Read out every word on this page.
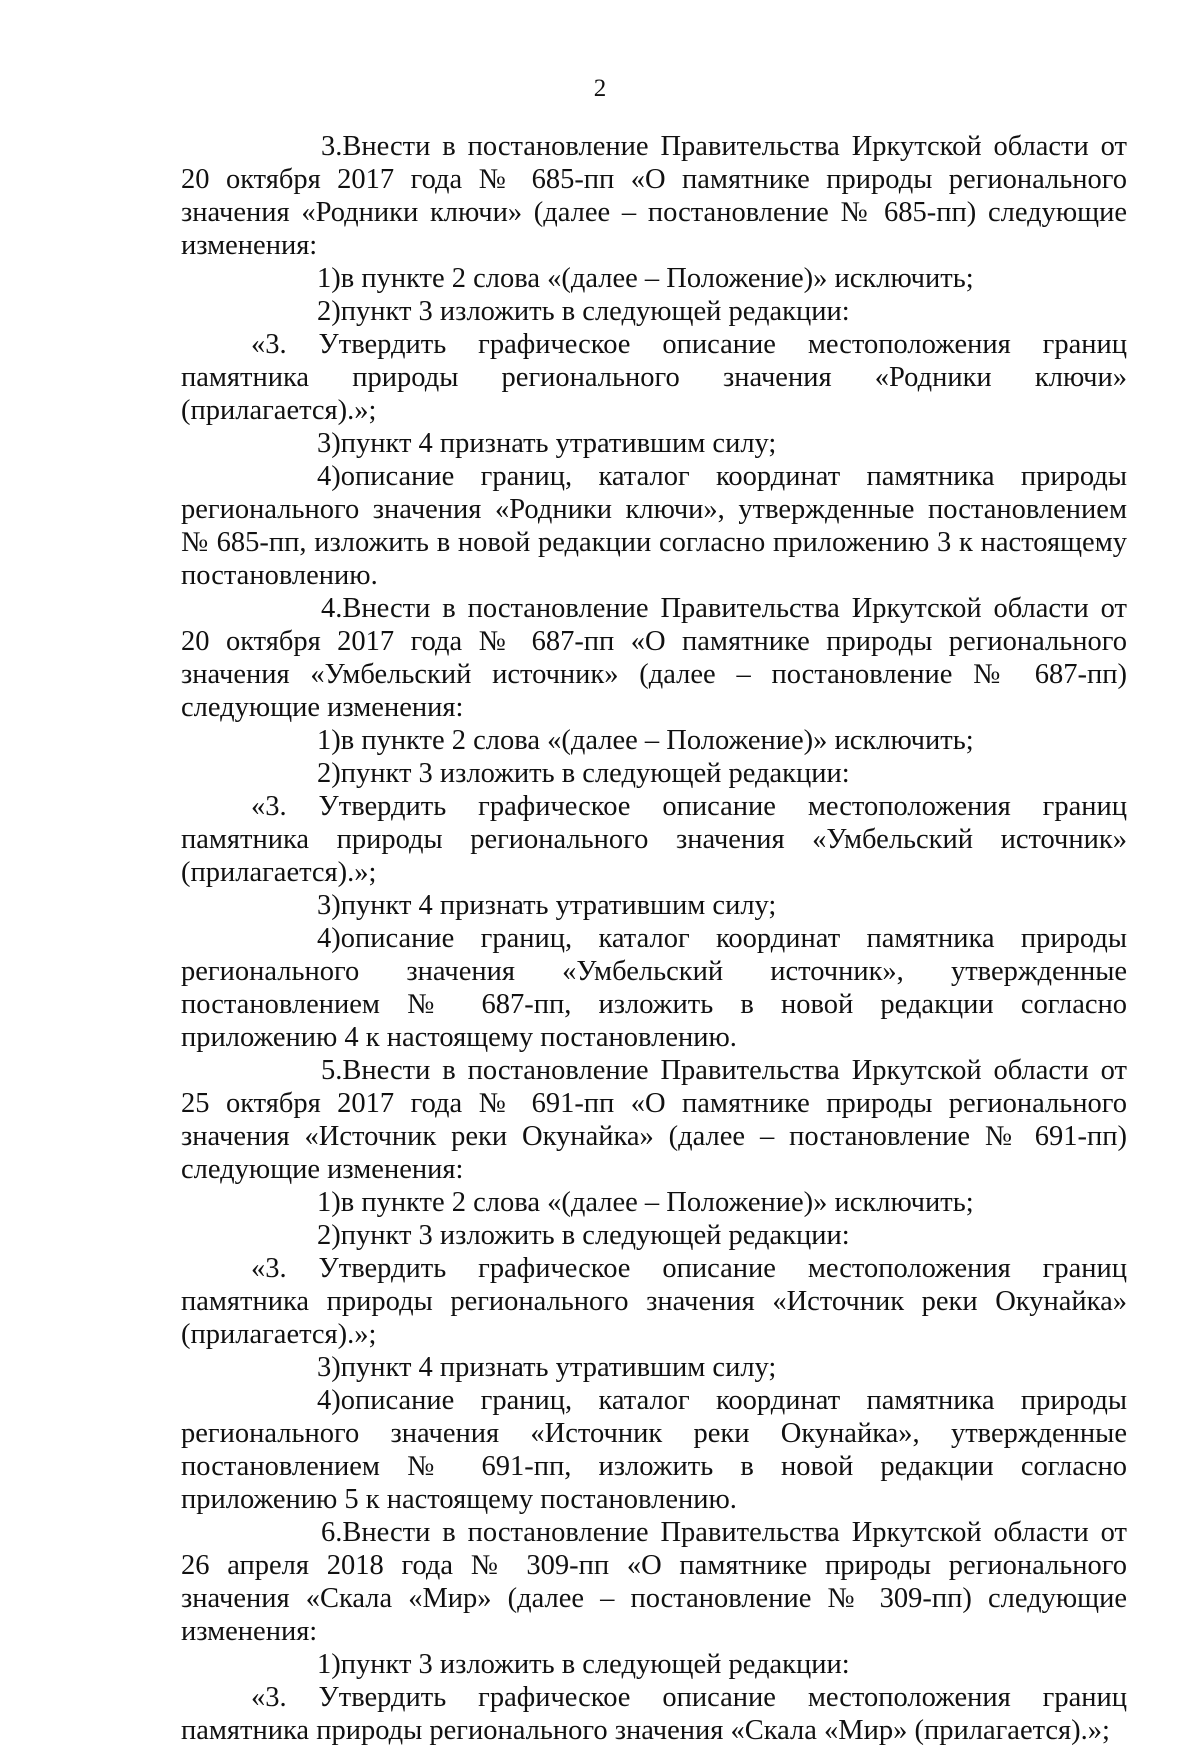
2

3.Внести в постановление Правительства Иркутской области от 20 октября 2017 года № 685-пп «О памятнике природы регионального значения «Родники ключи» (далее – постановление № 685-пп) следующие изменения:

1)в пункте 2 слова «(далее – Положение)» исключить;

2)пункт 3 изложить в следующей редакции:

«3. Утвердить графическое описание местоположения границ памятника природы регионального значения «Родники ключи» (прилагается).»;

3)пункт 4 признать утратившим силу;

4)описание границ, каталог координат памятника природы регионального значения «Родники ключи», утвержденные постановлением № 685-пп, изложить в новой редакции согласно приложению 3 к настоящему постановлению.

4.Внести в постановление Правительства Иркутской области от 20 октября 2017 года № 687-пп «О памятнике природы регионального значения «Умбельский источник» (далее – постановление № 687-пп) следующие изменения:

1)в пункте 2 слова «(далее – Положение)» исключить;

2)пункт 3 изложить в следующей редакции:

«3. Утвердить графическое описание местоположения границ памятника природы регионального значения «Умбельский источник» (прилагается).»;

3)пункт 4 признать утратившим силу;

4)описание границ, каталог координат памятника природы регионального значения «Умбельский источник», утвержденные постановлением № 687-пп, изложить в новой редакции согласно приложению 4 к настоящему постановлению.

5.Внести в постановление Правительства Иркутской области от 25 октября 2017 года № 691-пп «О памятнике природы регионального значения «Источник реки Окунайка» (далее – постановление № 691-пп) следующие изменения:

1)в пункте 2 слова «(далее – Положение)» исключить;

2)пункт 3 изложить в следующей редакции:

«3. Утвердить графическое описание местоположения границ памятника природы регионального значения «Источник реки Окунайка» (прилагается).»;

3)пункт 4 признать утратившим силу;

4)описание границ, каталог координат памятника природы регионального значения «Источник реки Окунайка», утвержденные постановлением № 691-пп, изложить в новой редакции согласно приложению 5 к настоящему постановлению.

6.Внести в постановление Правительства Иркутской области от 26 апреля 2018 года № 309-пп «О памятнике природы регионального значения «Скала «Мир» (далее – постановление № 309-пп) следующие изменения:

1)пункт 3 изложить в следующей редакции:

«3. Утвердить графическое описание местоположения границ памятника природы регионального значения «Скала «Мир» (прилагается).»;
